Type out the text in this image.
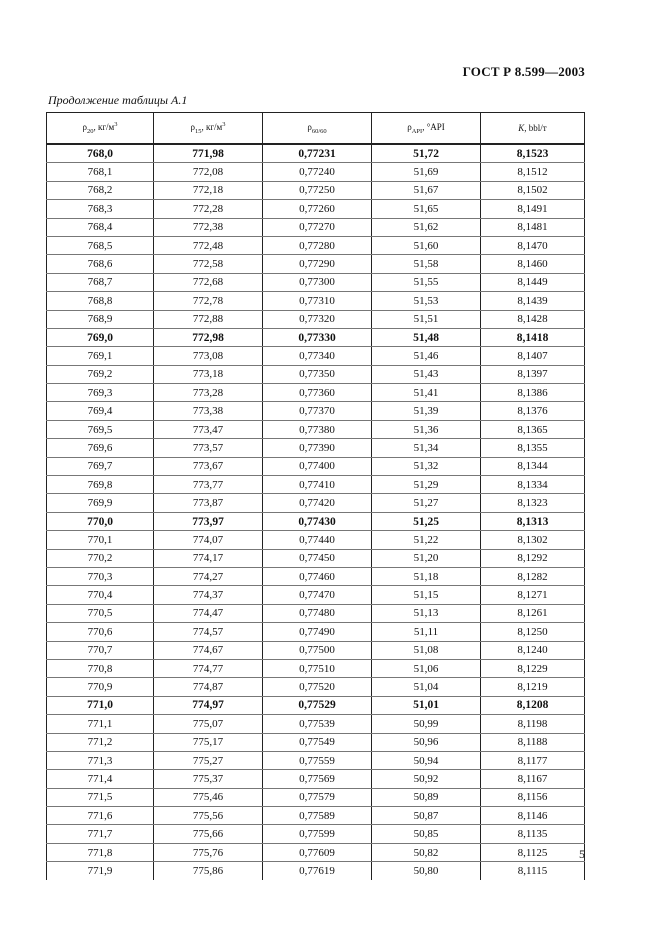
ГОСТ Р 8.599—2003
Продолжение таблицы А.1
$\rho_{20}$, $кг/м^3$	$\rho_{15}$, $кг/м^3$	$\rho_{60/60}$	$\rho_{API}$, °API	K, bbl/т
768,0	771,98	0,77231	51,72	8,1523
768,1	772,08	0,77240	51,69	8,1512
768,2	772,18	0,77250	51,67	8,1502
768,3	772,28	0,77260	51,65	8,1491
768,4	772,38	0,77270	51,62	8,1481
768,5	772,48	0,77280	51,60	8,1470
768,6	772,58	0,77290	51,58	8,1460
768,7	772,68	0,77300	51,55	8,1449
768,8	772,78	0,77310	51,53	8,1439
768,9	772,88	0,77320	51,51	8,1428
769,0	772,98	0,77330	51,48	8,1418
769,1	773,08	0,77340	51,46	8,1407
769,2	773,18	0,77350	51,43	8,1397
769,3	773,28	0,77360	51,41	8,1386
769,4	773,38	0,77370	51,39	8,1376
769,5	773,47	0,77380	51,36	8,1365
769,6	773,57	0,77390	51,34	8,1355
769,7	773,67	0,77400	51,32	8,1344
769,8	773,77	0,77410	51,29	8,1334
769,9	773,87	0,77420	51,27	8,1323
770,0	773,97	0,77430	51,25	8,1313
770,1	774,07	0,77440	51,22	8,1302
770,2	774,17	0,77450	51,20	8,1292
770,3	774,27	0,77460	51,18	8,1282
770,4	774,37	0,77470	51,15	8,1271
770,5	774,47	0,77480	51,13	8,1261
770,6	774,57	0,77490	51,11	8,1250
770,7	774,67	0,77500	51,08	8,1240
770,8	774,77	0,77510	51,06	8,1229
770,9	774,87	0,77520	51,04	8,1219
771,0	774,97	0,77529	51,01	8,1208
771,1	775,07	0,77539	50,99	8,1198
771,2	775,17	0,77549	50,96	8,1188
771,3	775,27	0,77559	50,94	8,1177
771,4	775,37	0,77569	50,92	8,1167
771,5	775,46	0,77579	50,89	8,1156
771,6	775,56	0,77589	50,87	8,1146
771,7	775,66	0,77599	50,85	8,1135
771,8	775,76	0,77609	50,82	8,1125
771,9	775,86	0,77619	50,80	8,1115
5
